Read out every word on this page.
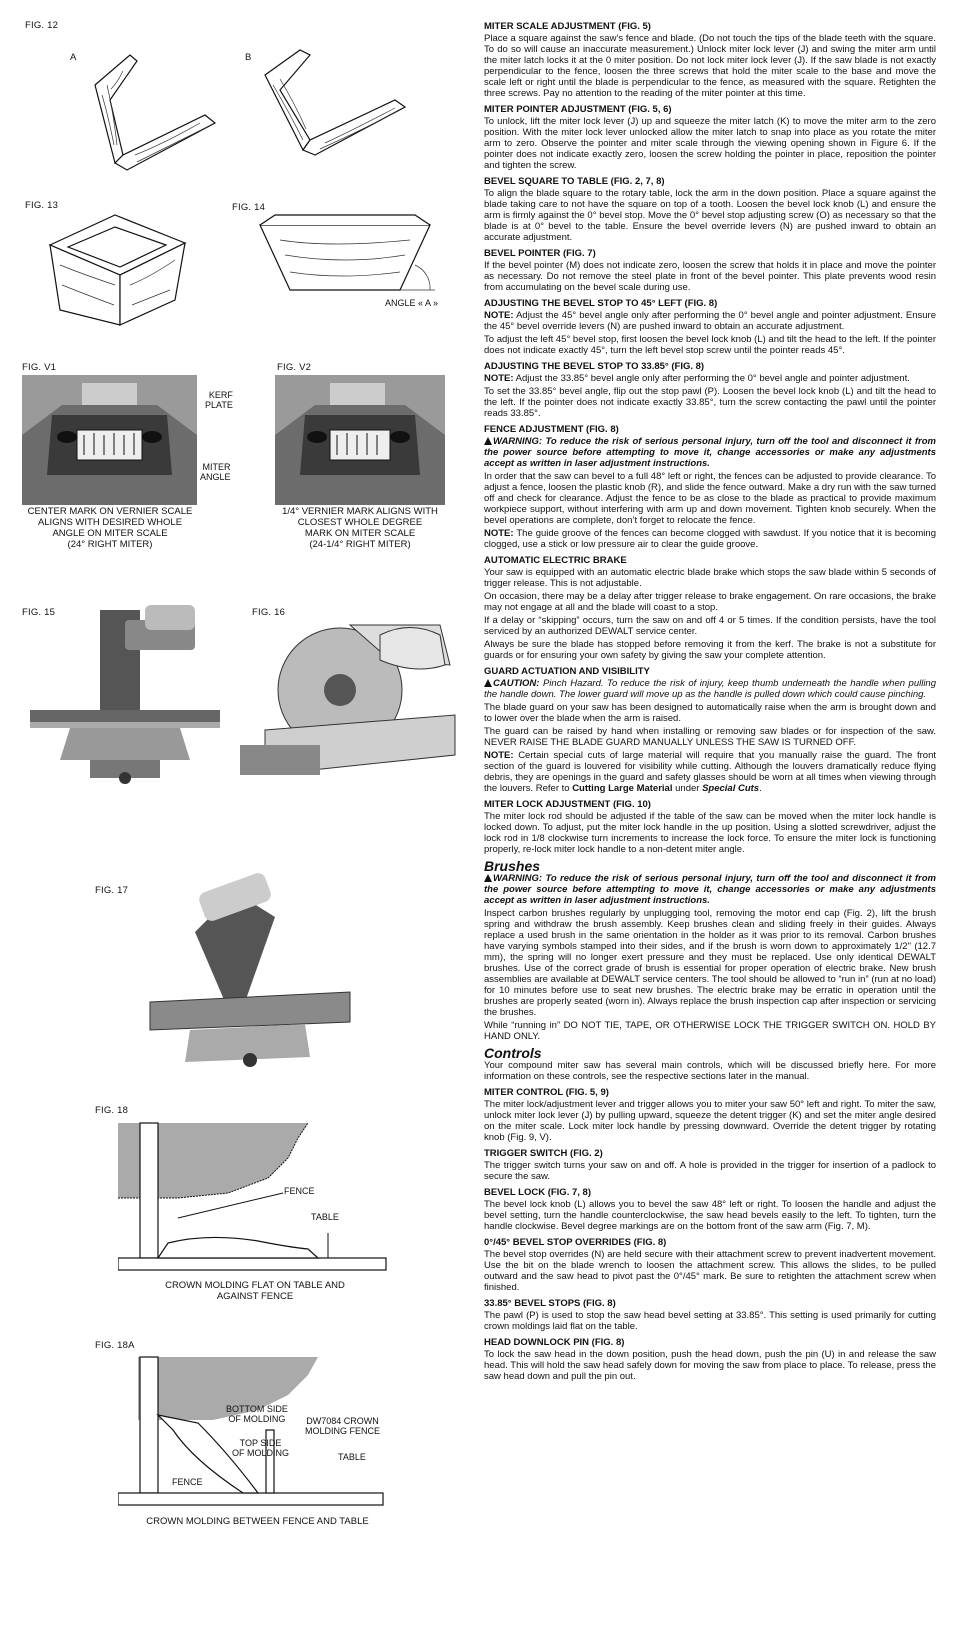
FIG. 12
A	B
FIG. 13	FIG. 14
ANGLE « A »
FIG. V1
KERF
PLATE
MITER
ANGLE
CENTER MARK ON VERNIER SCALE
ALIGNS WITH DESIRED WHOLE
ANGLE ON MITER SCALE
(24° RIGHT MITER)
FIG. V2
1/4° VERNIER MARK ALIGNS WITH
CLOSEST WHOLE DEGREE
MARK ON MITER SCALE
(24-1/4° RIGHT MITER)
FIG. 15	FIG. 16
FIG. 17
FIG. 18
FENCE
TABLE
CROWN MOLDING FLAT ON TABLE AND
AGAINST FENCE
FIG. 18A
BOTTOM SIDE
OF MOLDING
TOP SIDE
OF MOLDING
DW7084 CROWN
MOLDING FENCE
TABLE
FENCE
CROWN MOLDING BETWEEN FENCE AND TABLE
MITER SCALE ADJUSTMENT (FIG. 5)

Place a square against the saw’s fence and blade. (Do not touch the tips of the blade teeth with the square. To do so will cause an inaccurate measurement.) Unlock miter lock lever (J) and swing the miter arm until the miter latch locks it at the 0 miter position. Do not lock miter lock lever (J). If the saw blade is not exactly perpendicular to the fence, loosen the three screws that hold the miter scale to the base and move the scale left or right until the blade is perpendicular to the fence, as measured with the square. Retighten the three screws. Pay no attention to the reading of the miter pointer at this time.

MITER POINTER ADJUSTMENT (FIG. 5, 6)

To unlock, lift the miter lock lever (J) up and squeeze the miter latch (K) to move the miter arm to the zero position. With the miter lock lever unlocked allow the miter latch to snap into place as you rotate the miter arm to zero. Observe the pointer and miter scale through the viewing opening shown in Figure 6. If the pointer does not indicate exactly zero, loosen the screw holding the pointer in place, reposition the pointer and tighten the screw.

BEVEL SQUARE TO TABLE (FIG. 2, 7, 8)

To align the blade square to the rotary table, lock the arm in the down position. Place a square against the blade taking care to not have the square on top of a tooth. Loosen the bevel lock knob (L) and ensure the arm is firmly against the 0° bevel stop. Move the 0° bevel stop adjusting screw (O) as necessary so that the blade is at 0° bevel to the table. Ensure the bevel override levers (N) are pushed inward to obtain an accurate adjustment.

BEVEL POINTER (FIG. 7)

If the bevel pointer (M) does not indicate zero, loosen the screw that holds it in place and move the pointer as necessary. Do not remove the steel plate in front of the bevel pointer. This plate prevents wood resin from accumulating on the bevel scale during use.

ADJUSTING THE BEVEL STOP TO 45° LEFT (FIG. 8)

NOTE: Adjust the 45° bevel angle only after performing the 0° bevel angle and pointer adjustment. Ensure the 45° bevel override levers (N) are pushed inward to obtain an accurate adjustment.

To adjust the left 45° bevel stop, first loosen the bevel lock knob (L) and tilt the head to the left. If the pointer does not indicate exactly 45°, turn the left bevel stop screw until the pointer reads 45°.

ADJUSTING THE BEVEL STOP TO 33.85° (FIG. 8)

NOTE: Adjust the 33.85° bevel angle only after performing the 0° bevel angle and pointer adjustment.

To set the 33.85° bevel angle, flip out the stop pawl (P). Loosen the bevel lock knob (L) and tilt the head to the left. If the pointer does not indicate exactly 33.85°, turn the screw contacting the pawl until the pointer reads 33.85°.

FENCE ADJUSTMENT (FIG. 8)

WARNING: To reduce the risk of serious personal injury, turn off the tool and disconnect it from the power source before attempting to move it, change accessories or make any adjustments accept as written in laser adjustment instructions.

In order that the saw can bevel to a full 48° left or right, the fences can be adjusted to provide clearance. To adjust a fence, loosen the plastic knob (R), and slide the fence outward. Make a dry run with the saw turned off and check for clearance. Adjust the fence to be as close to the blade as practical to provide maximum workpiece support, without interfering with arm up and down movement. Tighten knob securely. When the bevel operations are complete, don’t forget to relocate the fence.

NOTE: The guide groove of the fences can become clogged with sawdust. If you notice that it is becoming clogged, use a stick or low pressure air to clear the guide groove.

AUTOMATIC ELECTRIC BRAKE

Your saw is equipped with an automatic electric blade brake which stops the saw blade within 5 seconds of trigger release. This is not adjustable.

On occasion, there may be a delay after trigger release to brake engagement. On rare occasions, the brake may not engage at all and the blade will coast to a stop.

If a delay or “skipping” occurs, turn the saw on and off 4 or 5 times. If the condition persists, have the tool serviced by an authorized DEWALT service center.

Always be sure the blade has stopped before removing it from the kerf. The brake is not a substitute for guards or for ensuring your own safety by giving the saw your complete attention.

GUARD ACTUATION AND VISIBILITY

CAUTION: Pinch Hazard. To reduce the risk of injury, keep thumb underneath the handle when pulling the handle down. The lower guard will move up as the handle is pulled down which could cause pinching.

The blade guard on your saw has been designed to automatically raise when the arm is brought down and to lower over the blade when the arm is raised.

The guard can be raised by hand when installing or removing saw blades or for inspection of the saw. NEVER RAISE THE BLADE GUARD MANUALLY UNLESS THE SAW IS TURNED OFF.

NOTE: Certain special cuts of large material will require that you manually raise the guard. The front section of the guard is louvered for visibility while cutting. Although the louvers dramatically reduce flying debris, they are openings in the guard and safety glasses should be worn at all times when viewing through the louvers. Refer to Cutting Large Material under Special Cuts.

MITER LOCK ADJUSTMENT (FIG. 10)

The miter lock rod should be adjusted if the table of the saw can be moved when the miter lock handle is locked down. To adjust, put the miter lock handle in the up position. Using a slotted screwdriver, adjust the lock rod in 1/8 clockwise turn increments to increase the lock force. To ensure the miter lock is functioning properly, re-lock miter lock handle to a non-detent miter angle.

Brushes

WARNING: To reduce the risk of serious personal injury, turn off the tool and disconnect it from the power source before attempting to move it, change accessories or make any adjustments accept as written in laser adjustment instructions.

Inspect carbon brushes regularly by unplugging tool, removing the motor end cap (Fig. 2), lift the brush spring and withdraw the brush assembly. Keep brushes clean and sliding freely in their guides. Always replace a used brush in the same orientation in the holder as it was prior to its removal. Carbon brushes have varying symbols stamped into their sides, and if the brush is worn down to approximately 1/2" (12.7 mm), the spring will no longer exert pressure and they must be replaced. Use only identical DEWALT brushes. Use of the correct grade of brush is essential for proper operation of electric brake. New brush assemblies are available at DEWALT service centers. The tool should be allowed to “run in” (run at no load) for 10 minutes before use to seat new brushes. The electric brake may be erratic in operation until the brushes are properly seated (worn in). Always replace the brush inspection cap after inspection or servicing the brushes.

While “running in” DO NOT TIE, TAPE, OR OTHERWISE LOCK THE TRIGGER SWITCH ON. HOLD BY HAND ONLY.

Controls

Your compound miter saw has several main controls, which will be discussed briefly here. For more information on these controls, see the respective sections later in the manual.

MITER CONTROL (FIG. 5, 9)

The miter lock/adjustment lever and trigger allows you to miter your saw 50° left and right. To miter the saw, unlock miter lock lever (J) by pulling upward, squeeze the detent trigger (K) and set the miter angle desired on the miter scale. Lock miter lock handle by pressing downward. Override the detent trigger by rotating knob (Fig. 9, V).

TRIGGER SWITCH (FIG. 2)

The trigger switch turns your saw on and off. A hole is provided in the trigger for insertion of a padlock to secure the saw.

BEVEL LOCK (FIG. 7, 8)

The bevel lock knob (L) allows you to bevel the saw 48° left or right. To loosen the handle and adjust the bevel setting, turn the handle counterclockwise, the saw head bevels easily to the left. To tighten, turn the handle clockwise. Bevel degree markings are on the bottom front of the saw arm (Fig. 7, M).

0°/45° BEVEL STOP OVERRIDES (FIG. 8)

The bevel stop overrides (N) are held secure with their attachment screw to prevent inadvertent movement. Use the bit on the blade wrench to loosen the attachment screw. This allows the slides, to be pulled outward and the saw head to pivot past the 0°/45° mark. Be sure to retighten the attachment screw when finished.

33.85° BEVEL STOPS (FIG. 8)

The pawl (P) is used to stop the saw head bevel setting at 33.85°. This setting is used primarily for cutting crown moldings laid flat on the table.

HEAD DOWNLOCK PIN (FIG. 8)

To lock the saw head in the down position, push the head down, push the pin (U) in and release the saw head. This will hold the saw head safely down for moving the saw from place to place. To release, press the saw head down and pull the pin out.
